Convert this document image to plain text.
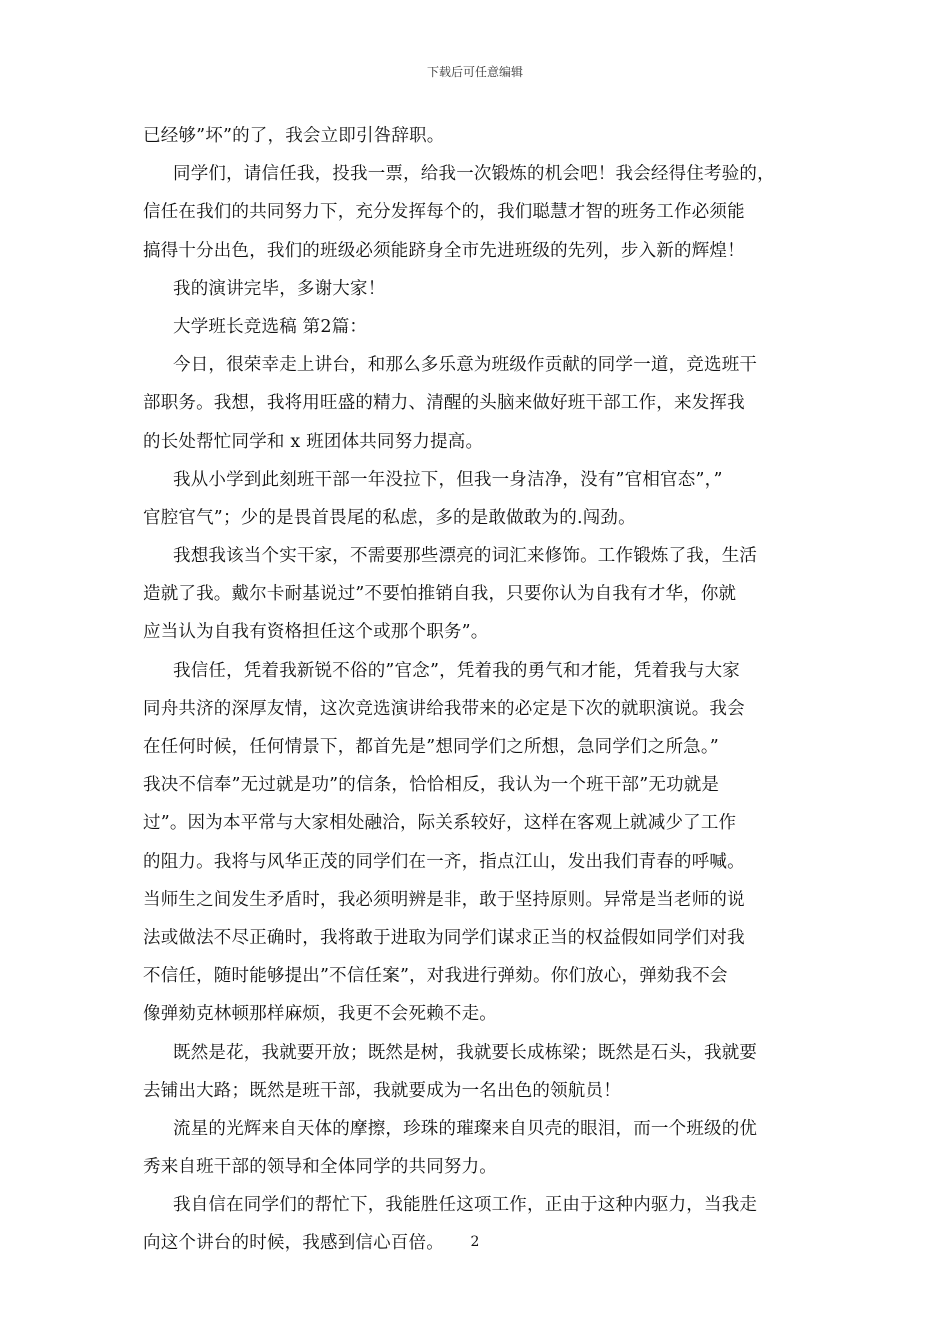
下载后可任意编辑
已经够”坏”的了，我会立即引咎辞职。
同学们，请信任我，投我一票，给我一次锻炼的机会吧！我会经得住考验的，
信任在我们的共同努力下，充分发挥每个的，我们聪慧才智的班务工作必须能
搞得十分出色，我们的班级必须能跻身全市先进班级的先列，步入新的辉煌！
我的演讲完毕，多谢大家！
大学班长竞选稿 第2篇：
今日，很荣幸走上讲台，和那么多乐意为班级作贡献的同学一道，竞选班干
部职务。我想，我将用旺盛的精力、清醒的头脑来做好班干部工作，来发挥我
的长处帮忙同学和 x 班团体共同努力提高。
我从小学到此刻班干部一年没拉下，但我一身洁净，没有”官相官态”，”
官腔官气”；少的是畏首畏尾的私虑，多的是敢做敢为的.闯劲。
我想我该当个实干家，不需要那些漂亮的词汇来修饰。工作锻炼了我，生活
造就了我。戴尔卡耐基说过”不要怕推销自我，只要你认为自我有才华，你就
应当认为自我有资格担任这个或那个职务”。
我信任，凭着我新锐不俗的”官念”，凭着我的勇气和才能，凭着我与大家
同舟共济的深厚友情，这次竞选演讲给我带来的必定是下次的就职演说。我会
在任何时候，任何情景下，都首先是”想同学们之所想，急同学们之所急。”
我决不信奉”无过就是功”的信条，恰恰相反，我认为一个班干部”无功就是
过”。因为本平常与大家相处融洽，际关系较好，这样在客观上就减少了工作
的阻力。我将与风华正茂的同学们在一齐，指点江山，发出我们青春的呼喊。
当师生之间发生矛盾时，我必须明辨是非，敢于坚持原则。异常是当老师的说
法或做法不尽正确时，我将敢于进取为同学们谋求正当的权益假如同学们对我
不信任，随时能够提出”不信任案”，对我进行弹劾。你们放心，弹劾我不会
像弹劾克林顿那样麻烦，我更不会死赖不走。
既然是花，我就要开放；既然是树，我就要长成栋梁；既然是石头，我就要
去铺出大路；既然是班干部，我就要成为一名出色的领航员！
流星的光辉来自天体的摩擦，珍珠的璀璨来自贝壳的眼泪，而一个班级的优
秀来自班干部的领导和全体同学的共同努力。
我自信在同学们的帮忙下，我能胜任这项工作，正由于这种内驱力，当我走
向这个讲台的时候，我感到信心百倍。	2
